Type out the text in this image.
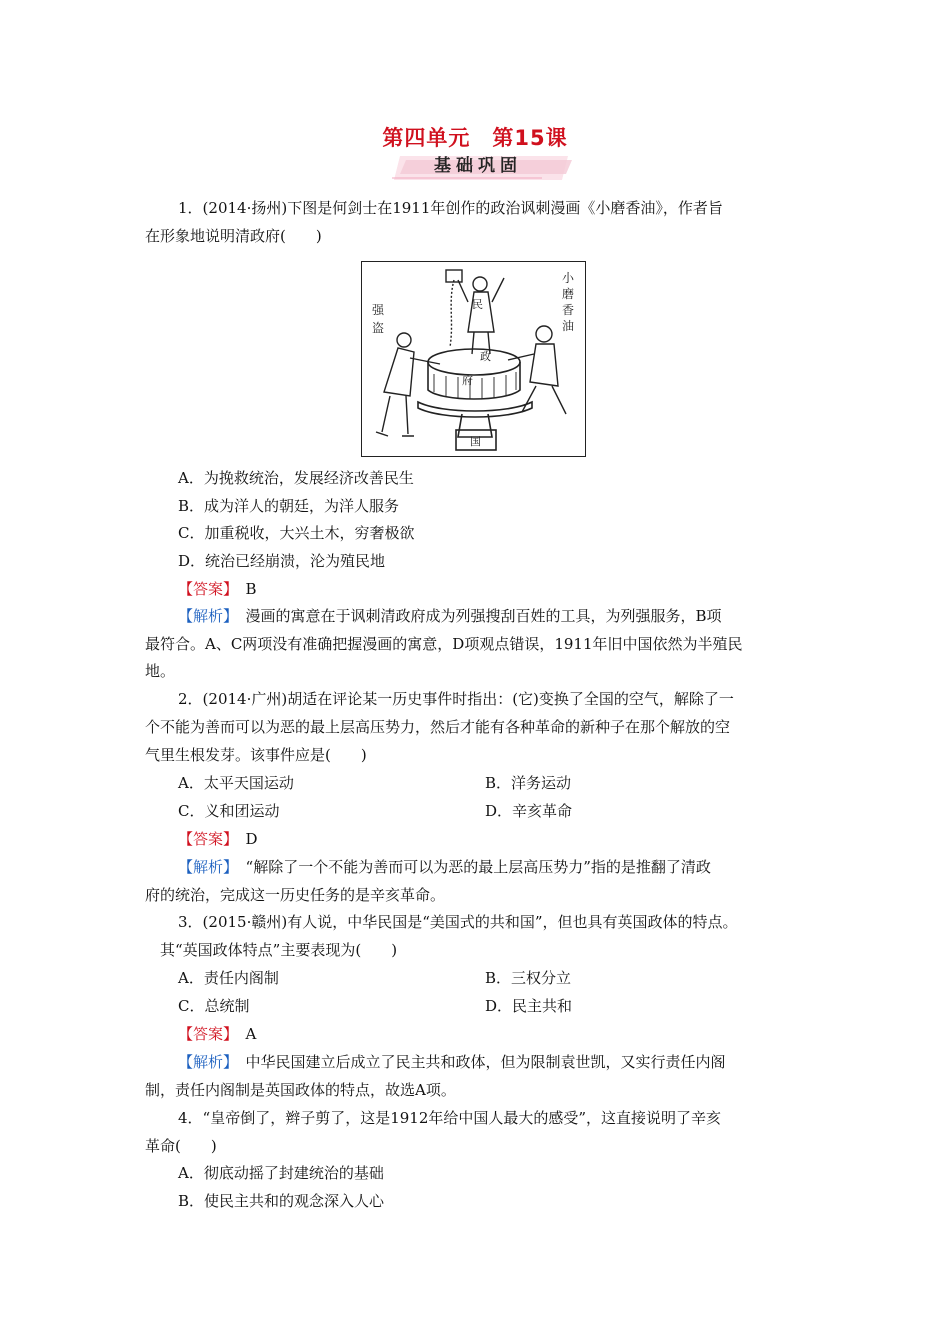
第四单元　第15课
基础巩固
1．(2014·扬州)下图是何剑士在1911年创作的政治讽刺漫画《小磨香油》，作者旨
在形象地说明清政府(　　)
小
磨
香
油
强
盗
民
政
府
国
A．为挽救统治，发展经济改善民生
B．成为洋人的朝廷，为洋人服务
C．加重税收，大兴土木，穷奢极欲
D．统治已经崩溃，沦为殖民地
【答案】　 B
【解析】　 漫画的寓意在于讽刺清政府成为列强搜刮百姓的工具，为列强服务，B项
最符合。A、C两项没有准确把握漫画的寓意，D项观点错误，1911年旧中国依然为半殖民
地。
2．(2014·广州)胡适在评论某一历史事件时指出：(它)变换了全国的空气，解除了一
个不能为善而可以为恶的最上层高压势力，然后才能有各种革命的新种子在那个解放的空
气里生根发芽。该事件应是(　　)
A．太平天国运动	B．洋务运动
C．义和团运动	D．辛亥革命
【答案】　 D
【解析】　 “解除了一个不能为善而可以为恶的最上层高压势力”指的是推翻了清政
府的统治，完成这一历史任务的是辛亥革命。
3．(2015·赣州)有人说，中华民国是“美国式的共和国”，但也具有英国政体的特点。
其“英国政体特点”主要表现为(　　)
A．责任内阁制	B．三权分立
C．总统制	D．民主共和
【答案】　 A
【解析】　 中华民国建立后成立了民主共和政体，但为限制袁世凯，又实行责任内阁
制，责任内阁制是英国政体的特点，故选A项。
4．“皇帝倒了，辫子剪了，这是1912年给中国人最大的感受”，这直接说明了辛亥
革命(　　)
A．彻底动摇了封建统治的基础
B．使民主共和的观念深入人心
